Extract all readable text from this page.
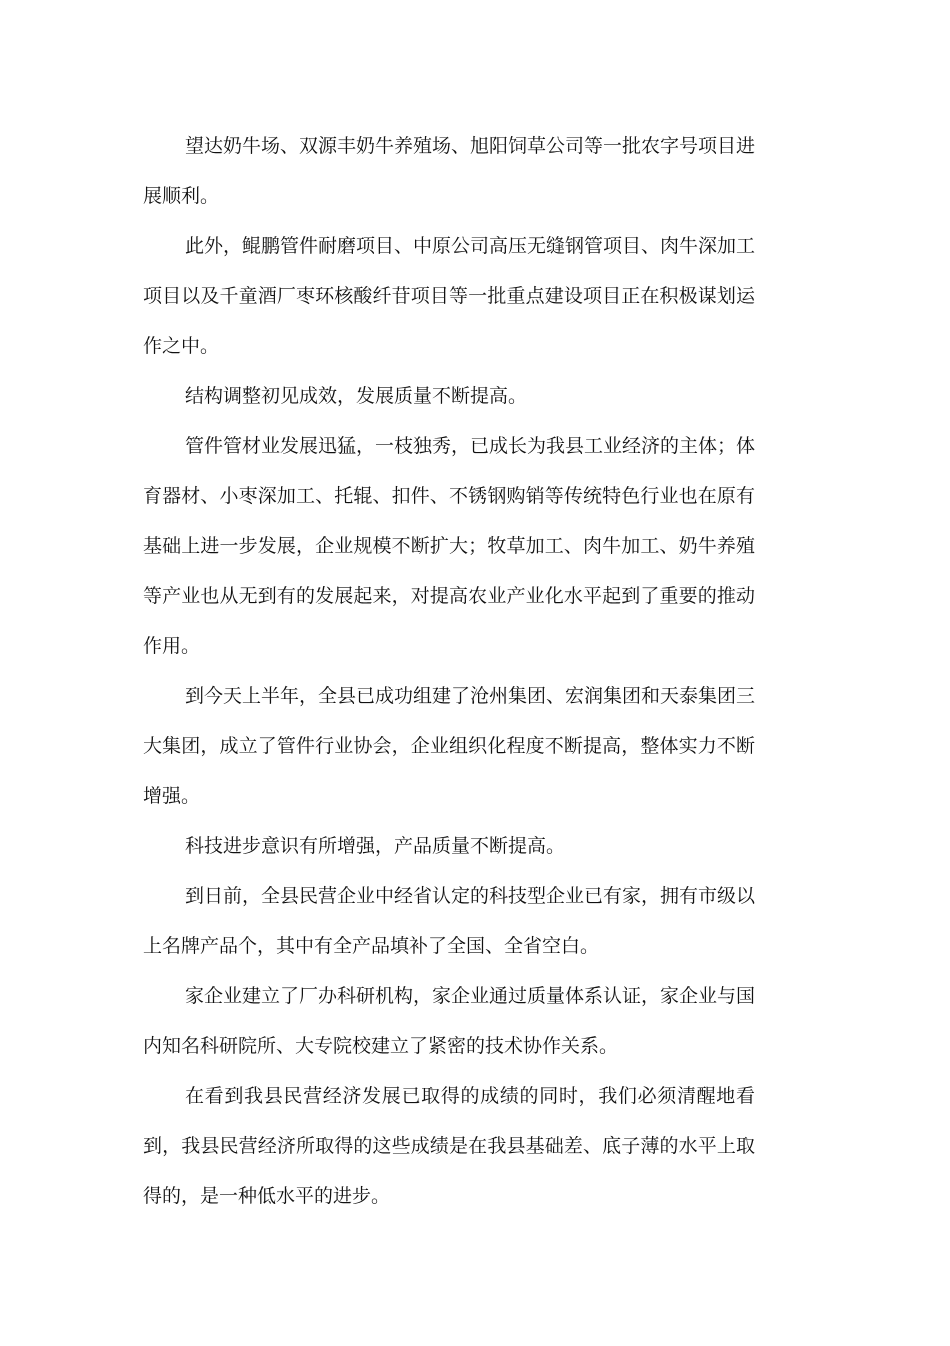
望达奶牛场、双源丰奶牛养殖场、旭阳饲草公司等一批农字号项目进展顺利。

此外，鲲鹏管件耐磨项目、中原公司高压无缝钢管项目、肉牛深加工项目以及千童酒厂枣环核酸纤苷项目等一批重点建设项目正在积极谋划运作之中。

结构调整初见成效，发展质量不断提高。

管件管材业发展迅猛，一枝独秀，已成长为我县工业经济的主体；体育器材、小枣深加工、托辊、扣件、不锈钢购销等传统特色行业也在原有基础上进一步发展，企业规模不断扩大；牧草加工、肉牛加工、奶牛养殖等产业也从无到有的发展起来，对提高农业产业化水平起到了重要的推动作用。

到今天上半年，全县已成功组建了沧州集团、宏润集团和天泰集团三大集团，成立了管件行业协会，企业组织化程度不断提高，整体实力不断增强。

科技进步意识有所增强，产品质量不断提高。

到日前，全县民营企业中经省认定的科技型企业已有家，拥有市级以上名牌产品个，其中有全产品填补了全国、全省空白。

家企业建立了厂办科研机构，家企业通过质量体系认证，家企业与国内知名科研院所、大专院校建立了紧密的技术协作关系。

在看到我县民营经济发展已取得的成绩的同时，我们必须清醒地看到，我县民营经济所取得的这些成绩是在我县基础差、底子薄的水平上取得的，是一种低水平的进步。
